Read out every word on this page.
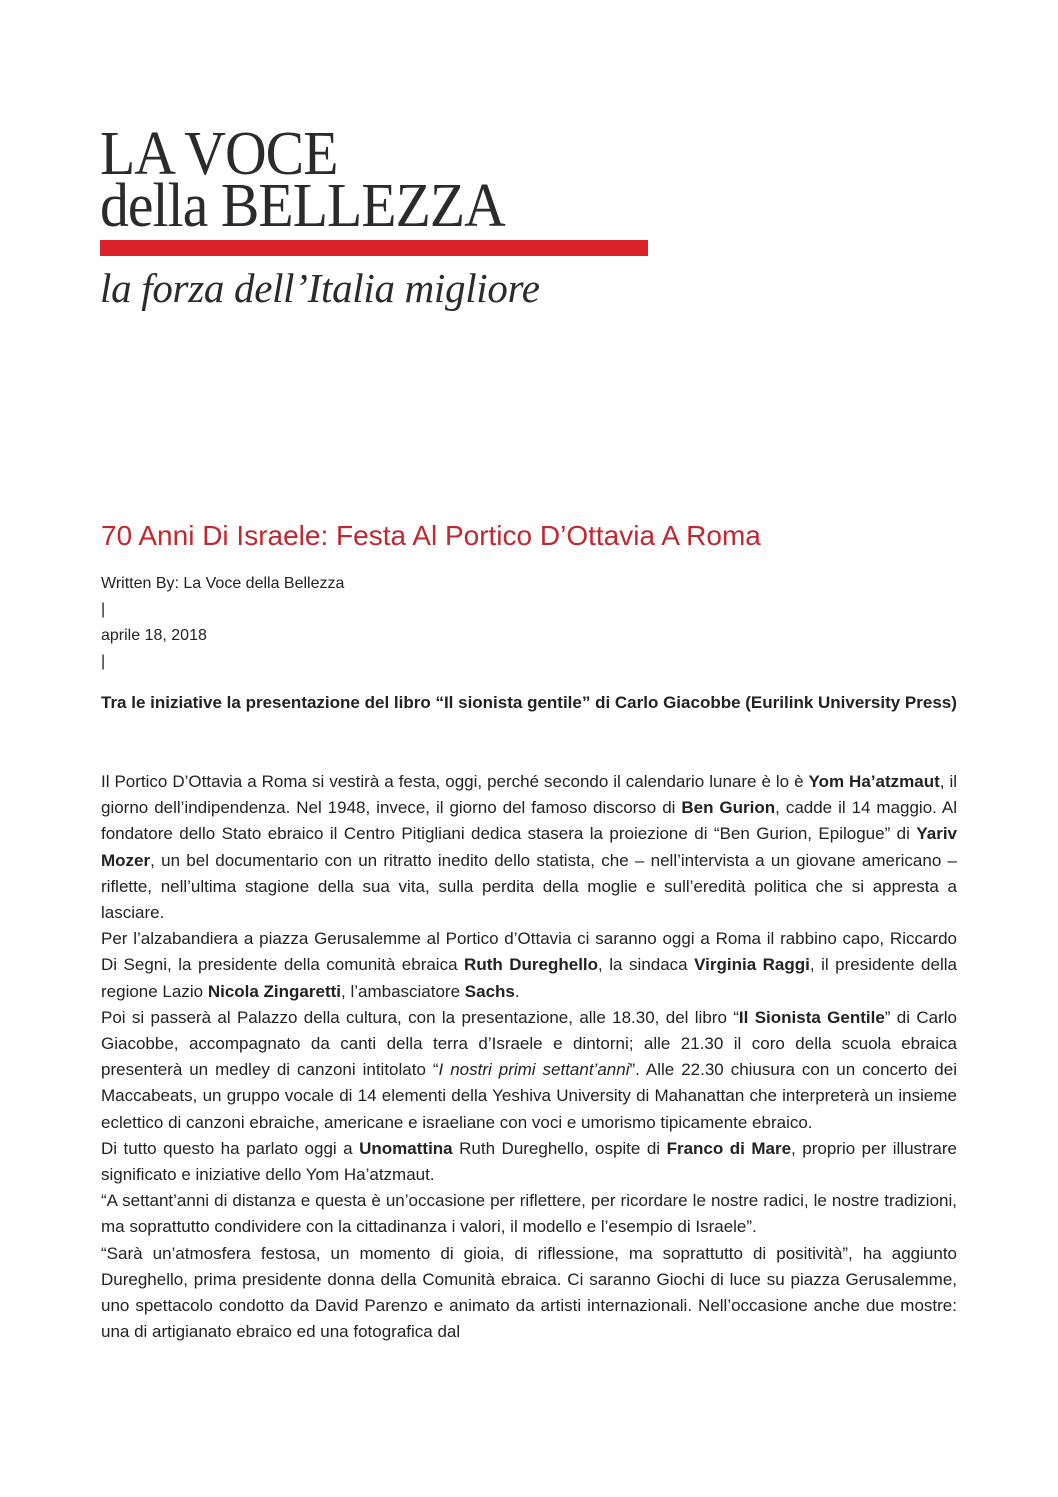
LA VOCE
della BELLEZZA
la forza dell’Italia migliore
70 Anni Di Israele: Festa Al Portico D’Ottavia A Roma
Written By: La Voce della Bellezza
|
aprile 18, 2018
|

Tra le iniziative la presentazione del libro “Il sionista gentile” di Carlo Giacobbe (Eurilink University Press)

Il Portico D’Ottavia a Roma si vestirà a festa, oggi, perché secondo il calendario lunare è lo è Yom Ha’atzmaut, il giorno dell’indipendenza. Nel 1948, invece, il giorno del famoso discorso di Ben Gurion, cadde il 14 maggio. Al fondatore dello Stato ebraico il Centro Pitigliani dedica stasera la proiezione di “Ben Gurion, Epilogue” di Yariv Mozer, un bel documentario con un ritratto inedito dello statista, che – nell’intervista a un giovane americano – riflette, nell’ultima stagione della sua vita, sulla perdita della moglie e sull’eredità politica che si appresta a lasciare.

Per l’alzabandiera a piazza Gerusalemme al Portico d’Ottavia ci saranno oggi a Roma il rabbino capo, Riccardo Di Segni, la presidente della comunità ebraica Ruth Dureghello, la sindaca Virginia Raggi, il presidente della regione Lazio Nicola Zingaretti, l’ambasciatore Sachs.

Poi si passerà al Palazzo della cultura, con la presentazione, alle 18.30, del libro “Il Sionista Gentile” di Carlo Giacobbe, accompagnato da canti della terra d’Israele e dintorni; alle 21.30 il coro della scuola ebraica presenterà un medley di canzoni intitolato “I nostri primi settant’anni”. Alle 22.30 chiusura con un concerto dei Maccabeats, un gruppo vocale di 14 elementi della Yeshiva University di Mahanattan che interpreterà un insieme eclettico di canzoni ebraiche, americane e israeliane con voci e umorismo tipicamente ebraico.

Di tutto questo ha parlato oggi a Unomattina Ruth Dureghello, ospite di Franco di Mare, proprio per illustrare significato e iniziative dello Yom Ha’atzmaut.

“A settant’anni di distanza e questa è un’occasione per riflettere, per ricordare le nostre radici, le nostre tradizioni, ma soprattutto condividere con la cittadinanza i valori, il modello e l’esempio di Israele”.

“Sarà un’atmosfera festosa, un momento di gioia, di riflessione, ma soprattutto di positività”, ha aggiunto Dureghello, prima presidente donna della Comunità ebraica. Ci saranno Giochi di luce su piazza Gerusalemme, uno spettacolo condotto da David Parenzo e animato da artisti internazionali. Nell’occasione anche due mostre: una di artigianato ebraico ed una fotografica dal
